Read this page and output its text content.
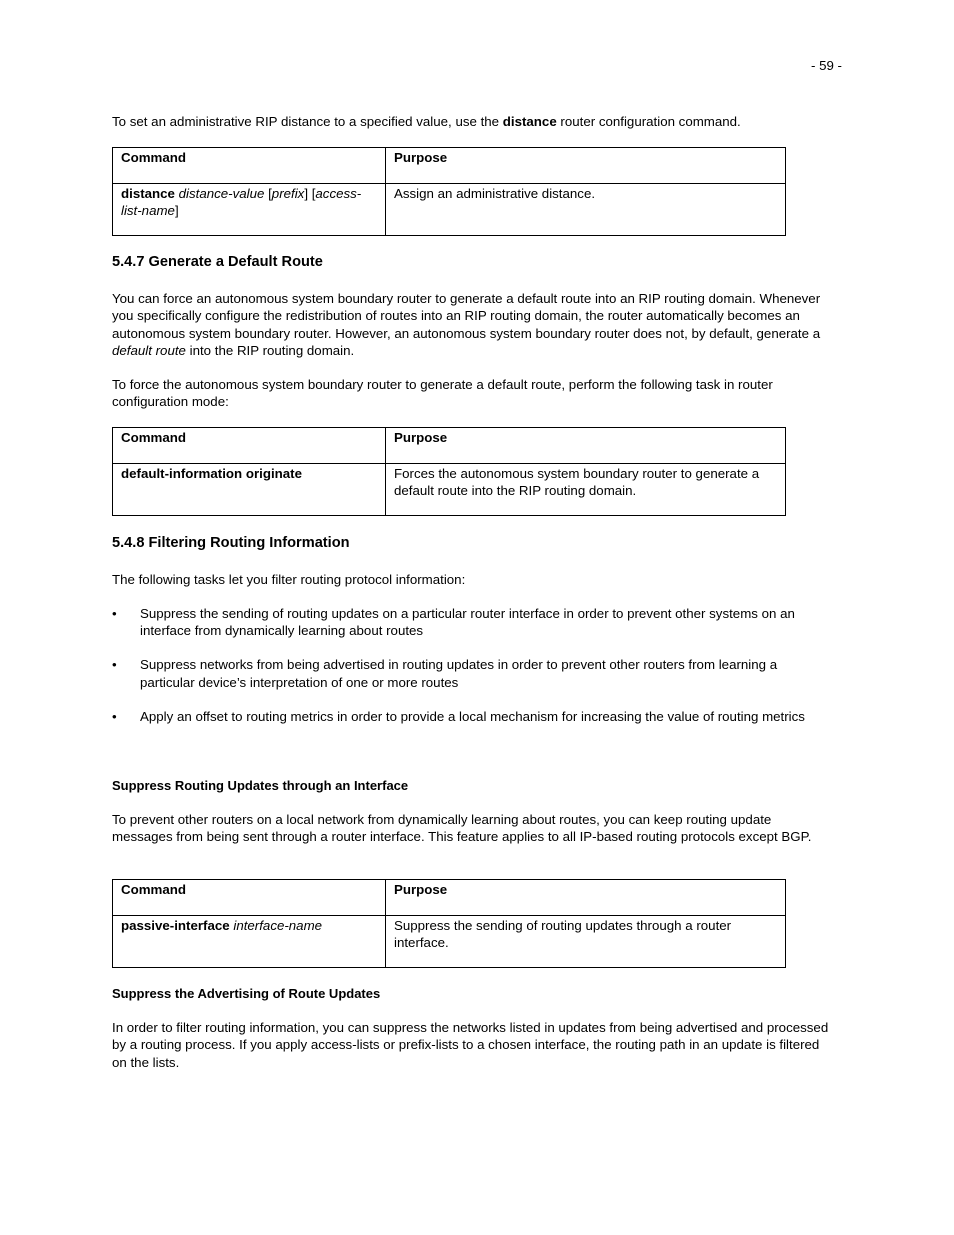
- 59 -

To set an administrative RIP distance to a specified value, use the distance router configuration command.

Command	Purpose
distance distance-value [prefix] [access-list-name]	Assign an administrative distance.
5.4.7 Generate a Default Route

You can force an autonomous system boundary router to generate a default route into an RIP routing domain. Whenever you specifically configure the redistribution of routes into an RIP routing domain, the router automatically becomes an autonomous system boundary router. However, an autonomous system boundary router does not, by default, generate a default route into the RIP routing domain.

To force the autonomous system boundary router to generate a default route, perform the following task in router configuration mode:

Command	Purpose
default-information originate	Forces the autonomous system boundary router to generate a default route into the RIP routing domain.
5.4.8 Filtering Routing Information

The following tasks let you filter routing protocol information:

•	Suppress the sending of routing updates on a particular router interface in order to prevent other systems on an interface from dynamically learning about routes
•	Suppress networks from being advertised in routing updates in order to prevent other routers from learning a particular device’s interpretation of one or more routes
•	Apply an offset to routing metrics in order to provide a local mechanism for increasing the value of routing metrics
Suppress Routing Updates through an Interface

To prevent other routers on a local network from dynamically learning about routes, you can keep routing update messages from being sent through a router interface. This feature applies to all IP-based routing protocols except BGP.

Command	Purpose
passive-interface interface-name	Suppress the sending of routing updates through a router interface.
Suppress the Advertising of Route Updates

In order to filter routing information, you can suppress the networks listed in updates from being advertised and processed by a routing process. If you apply access-lists or prefix-lists to a chosen interface, the routing path in an update is filtered on the lists.
